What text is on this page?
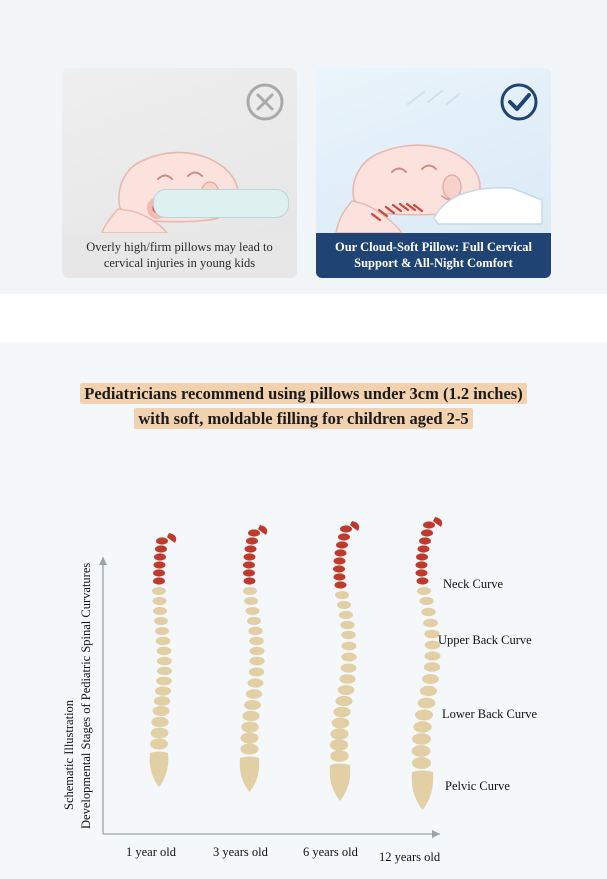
Overly high/firm pillows may lead to cervical injuries in young kids
Our Cloud-Soft Pillow: Full Cervical Support & All-Night Comfort
Pediatricians recommend using pillows under 3cm (1.2 inches)
with soft, moldable filling for children aged 2-5
Developmental Stages of Pediatric Spinal Curvatures
Schematic Illustration
Neck Curve
Upper Back Curve
Lower Back Curve
Pelvic Curve
1 year old	3 years old	6 years old 12 years old
